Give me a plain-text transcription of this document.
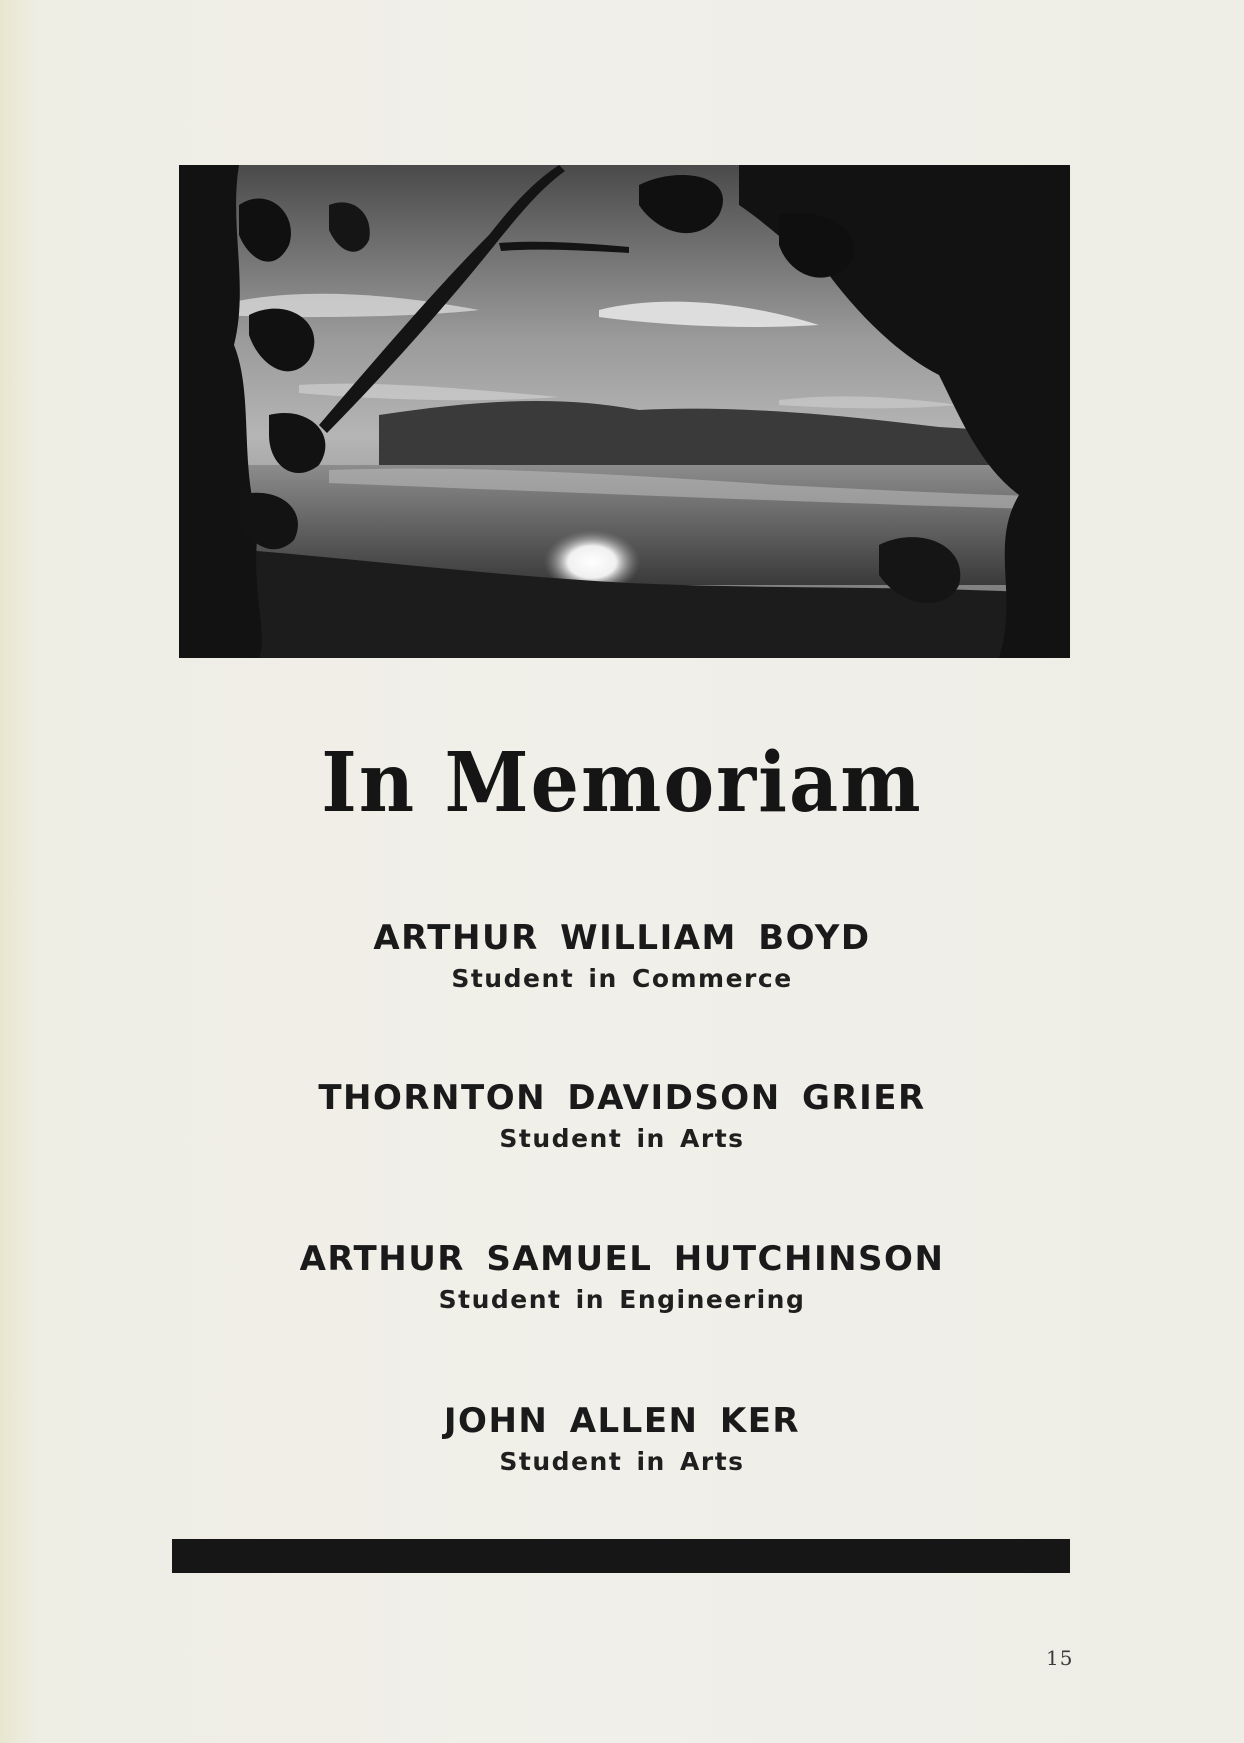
In Memoriam
ARTHUR WILLIAM BOYD
Student in Commerce
THORNTON DAVIDSON GRIER
Student in Arts
ARTHUR SAMUEL HUTCHINSON
Student in Engineering
JOHN ALLEN KER
Student in Arts
15
